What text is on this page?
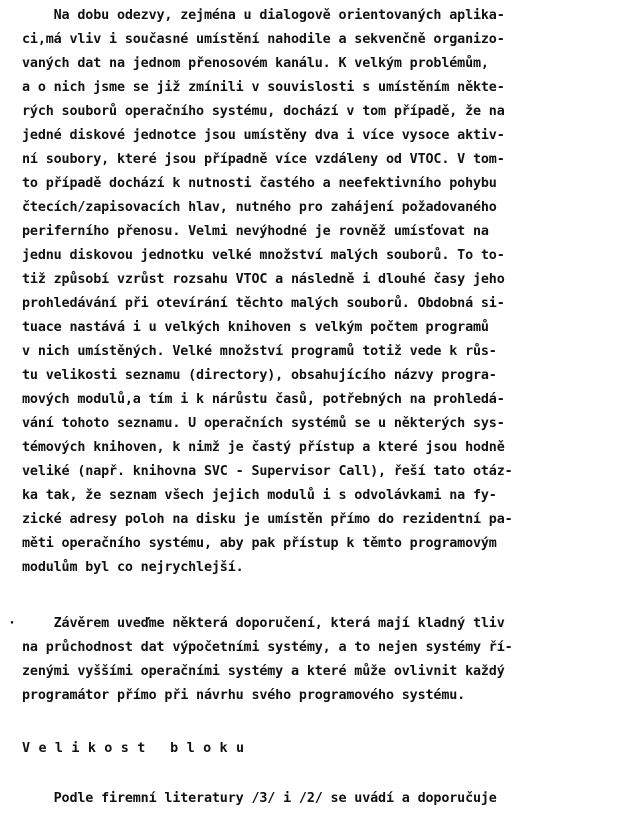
Na dobu odezvy, zejména u dialogově orientovaných aplika-
ci,má vliv i současné umístění nahodile a sekvenčně organizo-
vaných dat na jednom přenosovém kanálu. K velkým problémům,
a o nich jsme se již zmínili v souvislosti s umístěním někte-
rých souborů operačního systému, dochází v tom případě, že na
jedné diskové jednotce jsou umístěny dva i více vysoce aktiv-
ní soubory, které jsou případně více vzdáleny od VTOC. V tom-
to případě dochází k nutnosti častého a neefektivního pohybu
čtecích/zapisovacích hlav, nutného pro zahájení požadovaného
periferního přenosu. Velmi nevýhodné je rovněž umísťovat na
jednu diskovou jednotku velké množství malých souborů. To to-
tiž způsobí vzrůst rozsahu VTOC a následně i dlouhé časy jeho
prohledávání při otevírání těchto malých souborů. Obdobná si-
tuace nastává i u velkých knihoven s velkým počtem programů
v nich umístěných. Velké množství programů totiž vede k růs-
tu velikosti seznamu (directory), obsahujícího názvy progra-
mových modulů,a tím i k nárůstu časů, potřebných na prohledá-
vání tohoto seznamu. U operačních systémů se u některých sys-
témových knihoven, k nimž je častý přístup a které jsou hodně
veliké (např. knihovna SVC - Supervisor Call), řeší tato otáz-
ka tak, že seznam všech jejich modulů i s odvolávkami na fy-
zické adresy poloh na disku je umístěn přímo do rezidentní pa-
měti operačního systému, aby pak přístup k těmto programovým
modulům byl co nejrychlejší.
· Závěrem uveďme některá doporučení, která mají kladný tliv
na průchodnost dat výpočetními systémy, a to nejen systémy ří-
zenými vyššími operačními systémy a které může ovlivnit každý
programátor přímo při návrhu svého programového systému.
Velikost bloku
Podle firemní literatury /3/ i /2/ se uvádí a doporučuje
